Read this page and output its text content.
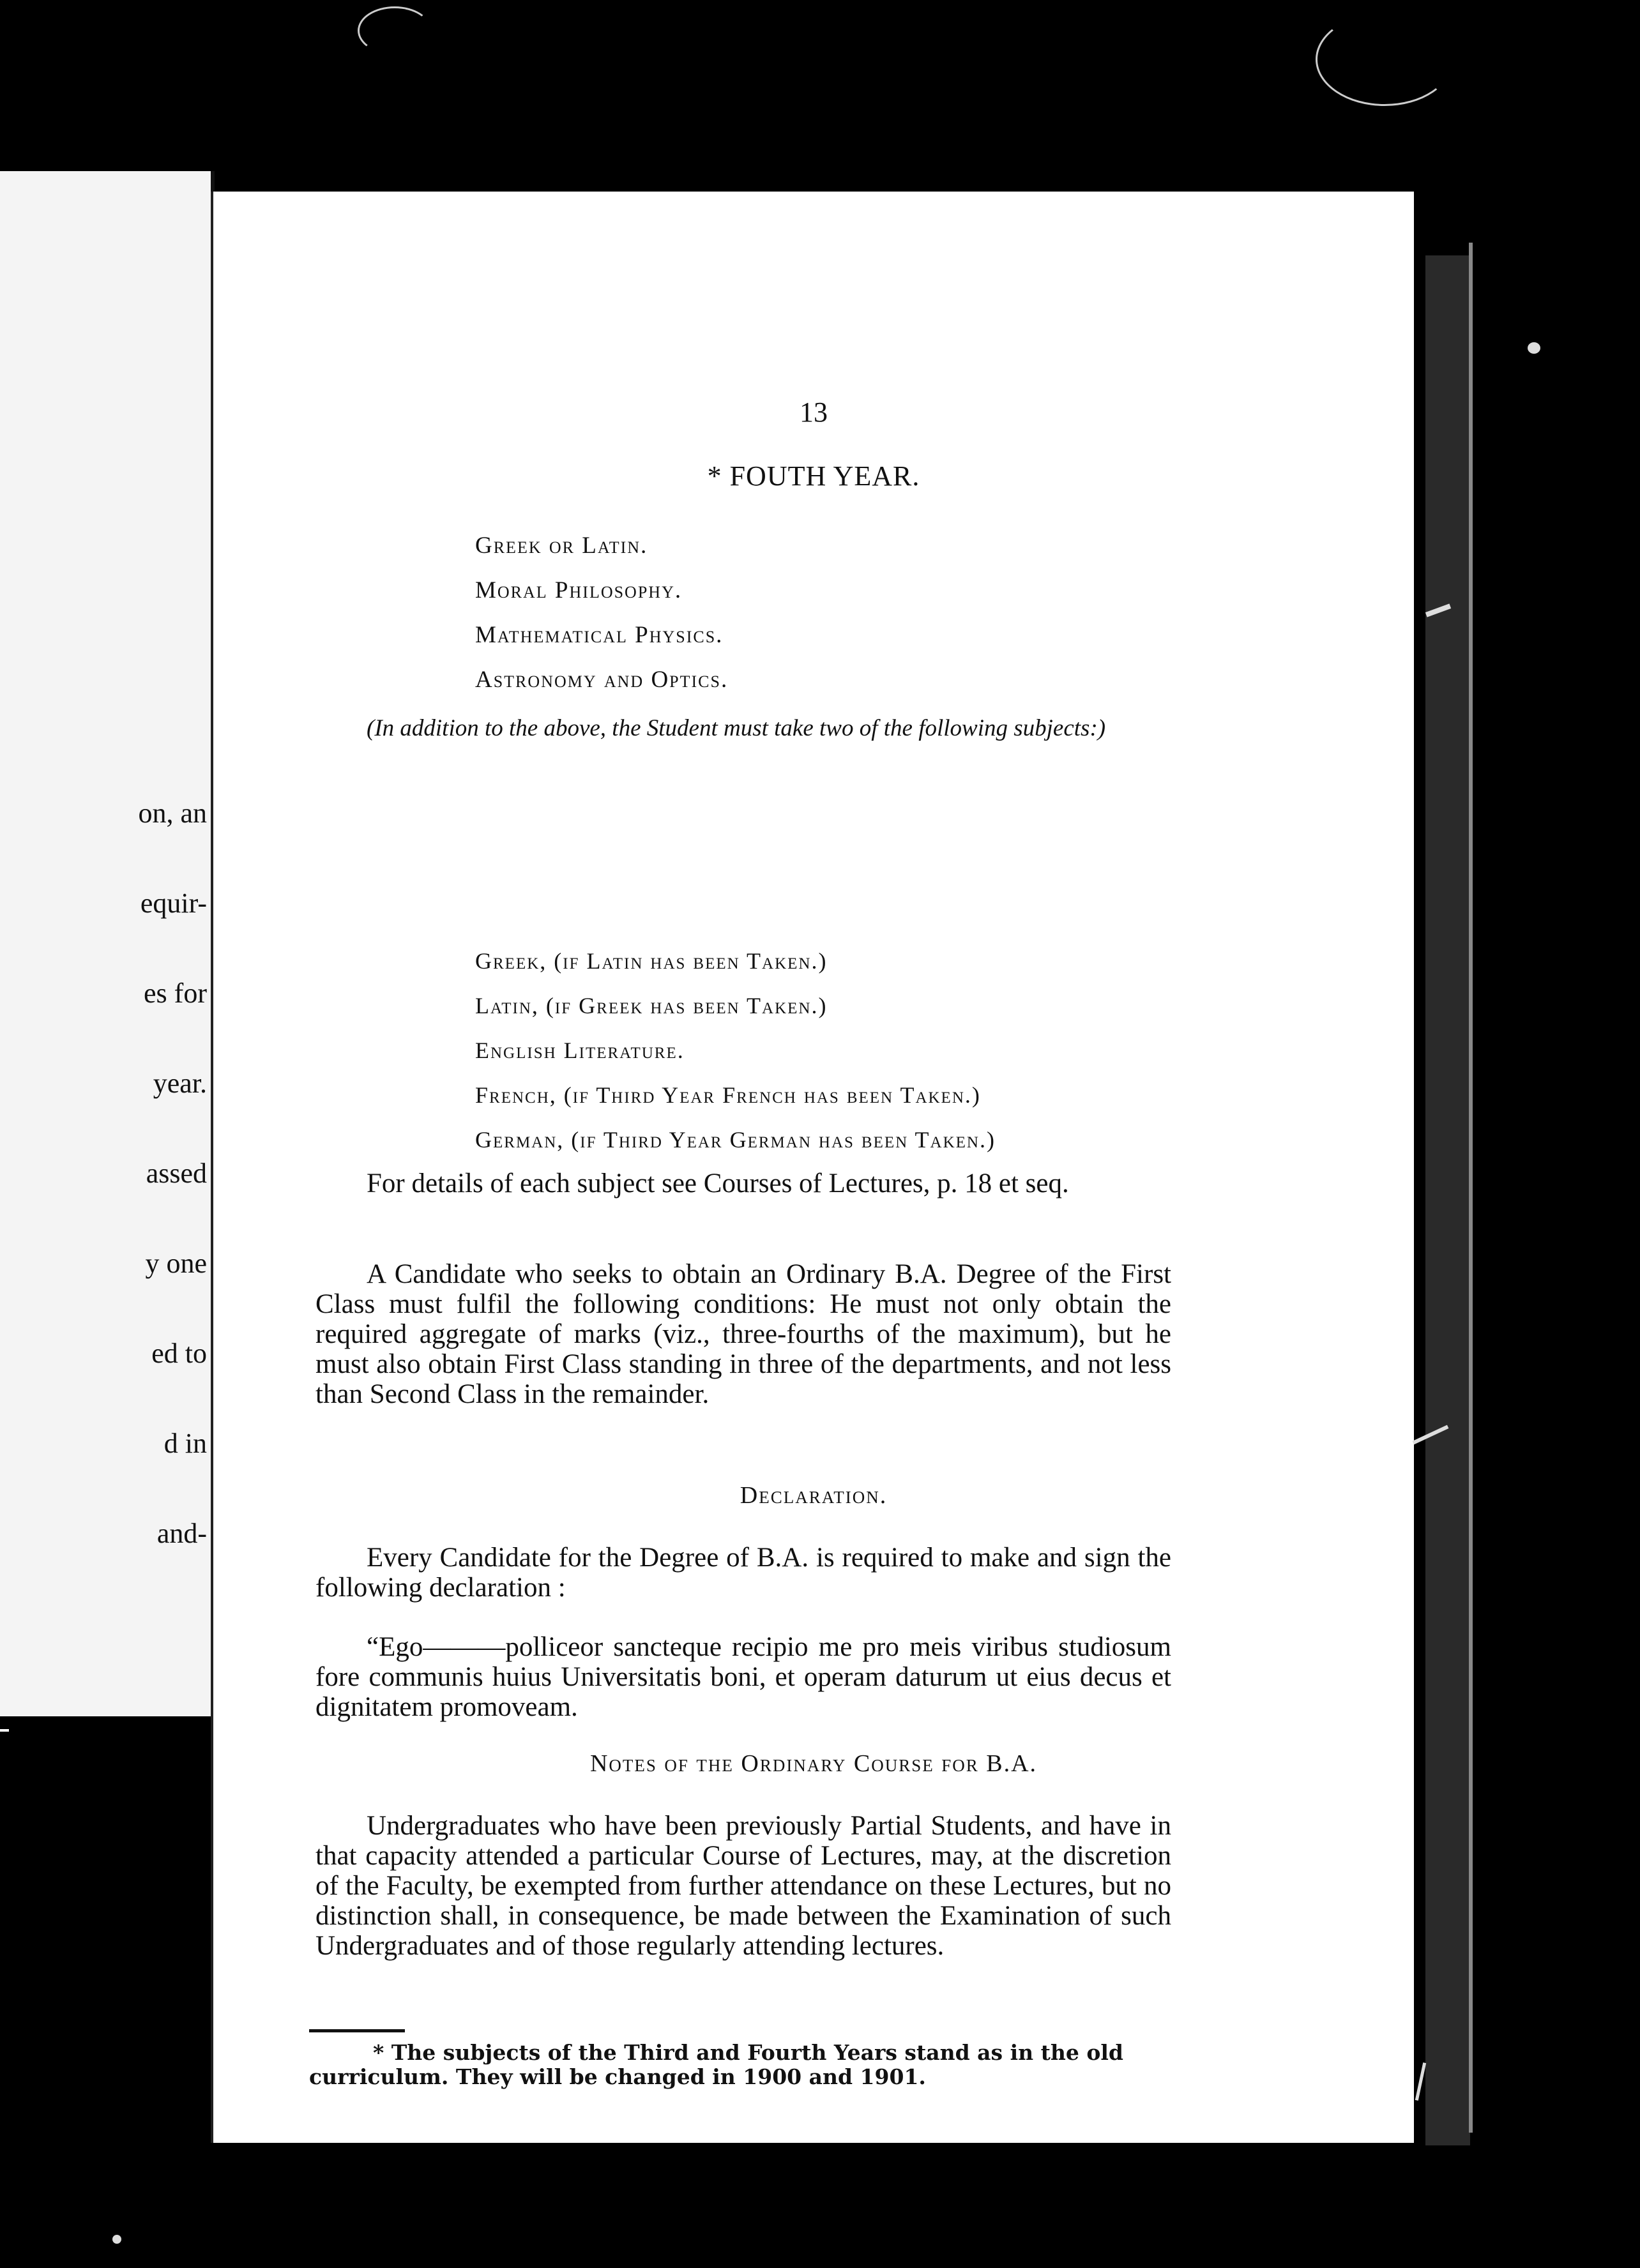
on, an

equir-

es for

year.

assed

y one

ed to

d in

and-

13
* FOUTH YEAR.
Greek or Latin.
Moral Philosophy.
Mathematical Physics.
Astronomy and Optics.
(In addition to the above, the Student must take two of the following subjects:)
Greek, (if Latin has been Taken.)
Latin, (if Greek has been Taken.)
English Literature.
French, (if Third Year French has been Taken.)
German, (if Third Year German has been Taken.)
For details of each subject see Courses of Lectures, p. 18 et seq.
A Candidate who seeks to obtain an Ordinary B.A. Degree of the First Class must fulfil the following conditions: He must not only obtain the required aggregate of marks (viz., three-fourths of the maximum), but he must also obtain First Class standing in three of the departments, and not less than Second Class in the remainder.
Declaration.
Every Candidate for the Degree of B.A. is required to make and sign the following declaration :
“Ego———polliceor sancteque recipio me pro meis viribus studiosum fore communis huius Universitatis boni, et operam daturum ut eius decus et dignitatem promoveam.
Notes of the Ordinary Course for B.A.
Undergraduates who have been previously Partial Students, and have in that capacity attended a particular Course of Lectures, may, at the discretion of the Faculty, be exempted from further attendance on these Lectures, but no distinction shall, in consequence, be made between the Examination of such Undergraduates and of those regularly attending lectures.
* The subjects of the Third and Fourth Years stand as in the old curriculum. They will be changed in 1900 and 1901.
